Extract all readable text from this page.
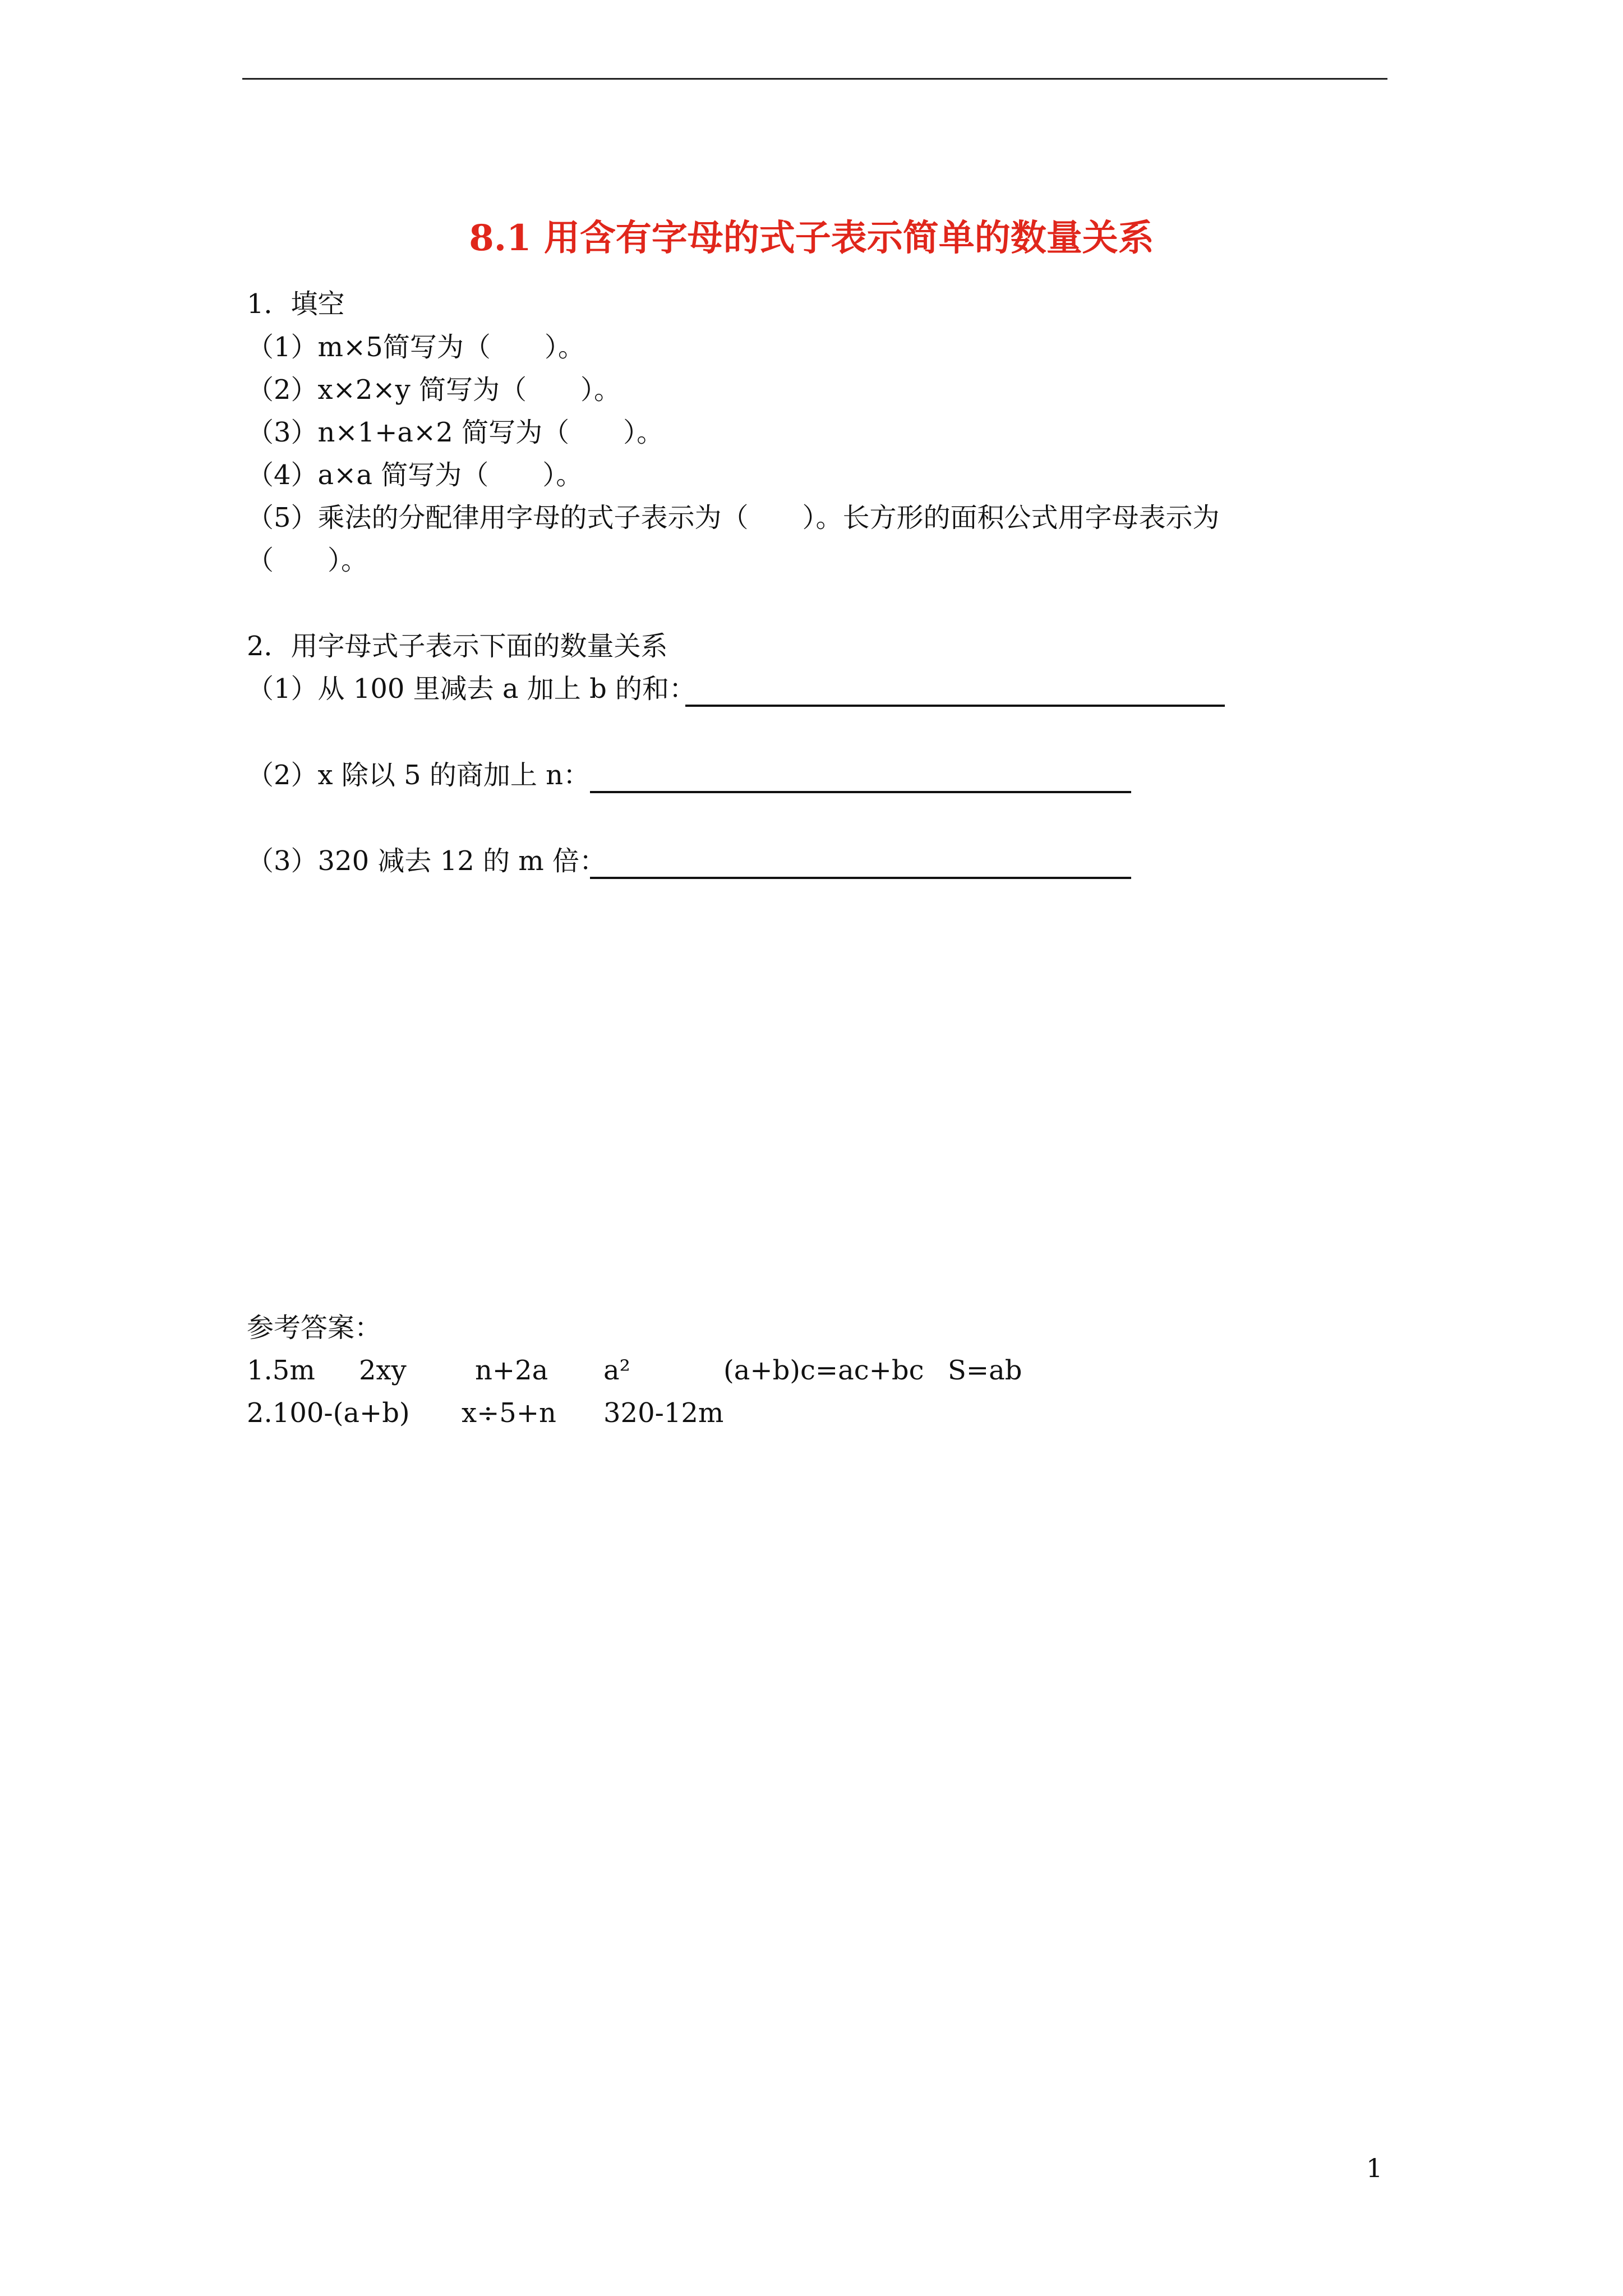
8.1 用含有字母的式子表示简单的数量关系
1．填空
（1）m×5简写为（　　）。
（2）x×2×y 简写为（　　）。
（3）n×1+a×2 简写为（　　）。
（4）a×a 简写为（　　）。
（5）乘法的分配律用字母的式子表示为（　　）。长方形的面积公式用字母表示为
（　　）。
2．用字母式子表示下面的数量关系
（1）从 100 里减去 a 加上 b 的和：
（2）x 除以 5 的商加上 n：
（3）320 减去 12 的 m 倍：
参考答案：
1.5m 2xy	n+2a a²	(a+b)c=ac+bc S=ab
2.100-(a+b) x÷5+n 320-12m
1
